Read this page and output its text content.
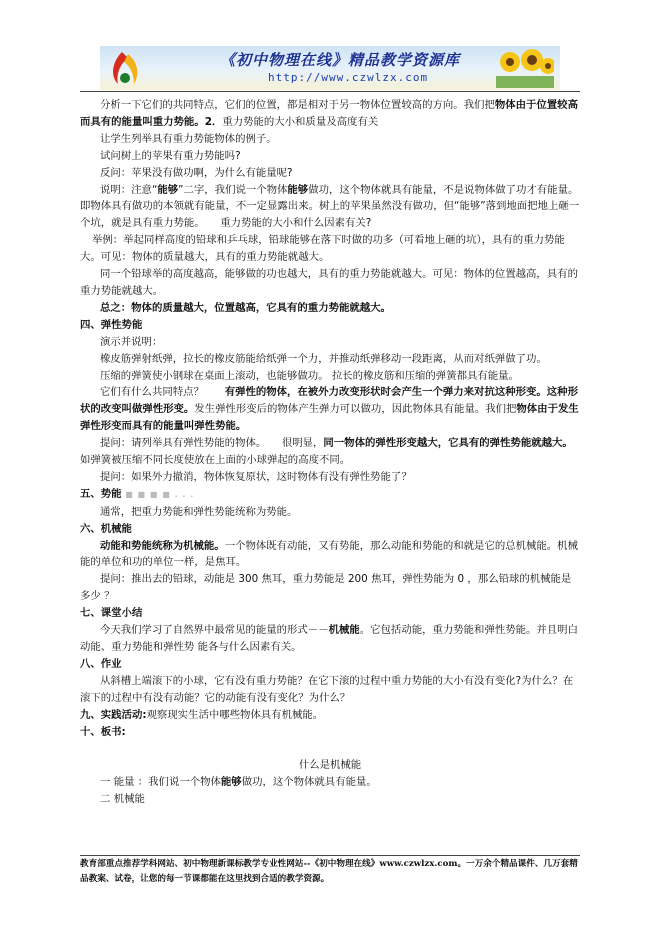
《初中物理在线》精品教学资源库
http://www.czwlzx.com

分析一下它们的共同特点，它们的位置，都是相对于另一物体位置较高的方向。我们把物体由于位置较高而具有的能量叫重力势能。2．重力势能的大小和质量及高度有关

让学生列举具有重力势能物体的例子。

试问树上的苹果有重力势能吗?

反问：苹果没有做功啊，为什么有能量呢?

说明：注意“能够”二字，我们说一个物体能够做功，这个物体就具有能量，不是说物体做了功才有能量。即物体具有做功的本领就有能量，不一定显露出来。树上的苹果虽然没有做功，但“能够”落到地面把地上砸一个坑，就是具有重力势能。　　重力势能的大小和什么因素有关?

举例：举起同样高度的铅球和乒乓球，铅球能够在落下时做的功多（可看地上砸的坑），具有的重力势能大。可见：物体的质量越大，具有的重力势能就越大。

同一个铅球举的高度越高，能够做的功也越大，具有的重力势能就越大。可见：物体的位置越高，具有的重力势能就越大。

总之：物体的质量越大，位置越高，它具有的重力势能就越大。

四、弹性势能

演示并说明：

橡皮筋弹射纸弹，拉长的橡皮筋能给纸弹一个力，并推动纸弹移动一段距离，从而对纸弹做了功。

压缩的弹簧使小钢球在桌面上滚动，也能够做功。 拉长的橡皮筋和压缩的弹簧都具有能量。

它们有什么共同特点？　　有弹性的物体，在被外力改变形状时会产生一个弹力来对抗这种形变。这种形状的改变叫做弹性形变。发生弹性形变后的物体产生弹力可以做功，因此物体具有能量。我们把物体由于发生弹性形变而具有的能量叫弹性势能。

提问：请列举具有弹性势能的物体。　　很明显，同一物体的弹性形变越大，它具有的弹性势能就越大。如弹簧被压缩不同长度使放在上面的小球弹起的高度不同。

提问：如果外力撤消，物体恢复原状，这时物体有没有弹性势能了？

五、势能 ■ ■ ■ ■ . . .

通常，把重力势能和弹性势能统称为势能。

六、机械能

动能和势能统称为机械能。一个物体既有动能，又有势能，那么动能和势能的和就是它的总机械能。机械能的单位和功的单位一样，是焦耳。

提问：推出去的铅球，动能是 300 焦耳，重力势能是 200 焦耳，弹性势能为 0 ，那么铅球的机械能是多少 ？

七、课堂小结

今天我们学习了自然界中最常见的能量的形式－－机械能。它包括动能，重力势能和弹性势能。并且明白动能、重力势能和弹性势 能各与什么因素有关。

八、作业

从斜槽上端滚下的小球，它有没有重力势能？在它下滚的过程中重力势能的大小有没有变化?为什么？在滚下的过程中有没有动能？它的动能有没有变化？为什么？

九、实践活动:观察现实生活中哪些物体具有机械能。

十、板书:

什么是机械能

一 能量 ：我们说一个物体能够做功，这个物体就具有能量。

二 机械能

教育部重点推荐学科网站、初中物理新课标教学专业性网站--《初中物理在线》www.czwlzx.com。一万余个精品课件、几万套精品教案、试卷，让您的每一节课都能在这里找到合适的教学资源。
